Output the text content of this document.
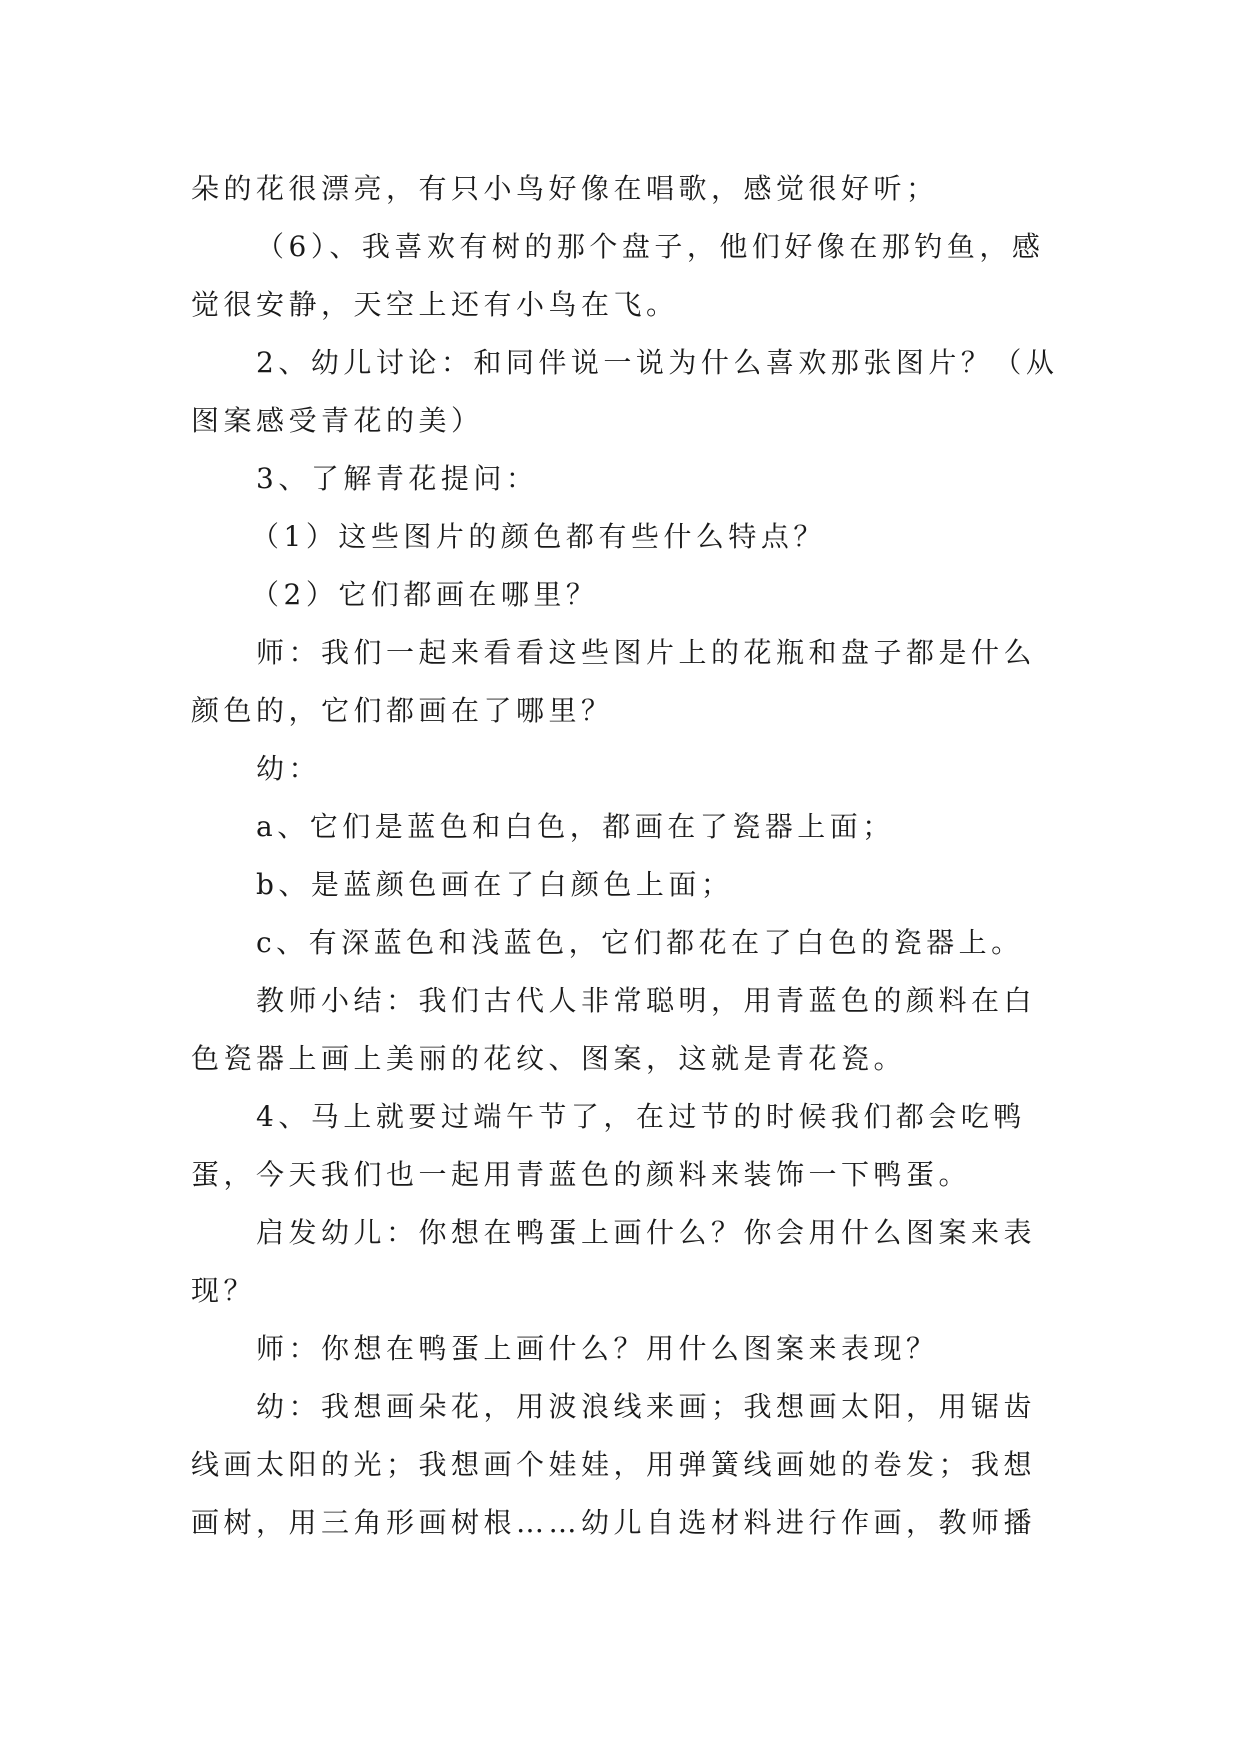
朵的花很漂亮，有只小鸟好像在唱歌，感觉很好听；
（6）、我喜欢有树的那个盘子，他们好像在那钓鱼，感
觉很安静，天空上还有小鸟在飞。
2、幼儿讨论：和同伴说一说为什么喜欢那张图片？（从
图案感受青花的美）
3、了解青花提问：
（1）这些图片的颜色都有些什么特点？
（2）它们都画在哪里？
师：我们一起来看看这些图片上的花瓶和盘子都是什么
颜色的，它们都画在了哪里？
幼：
a、它们是蓝色和白色，都画在了瓷器上面；
b、是蓝颜色画在了白颜色上面；
c、有深蓝色和浅蓝色，它们都花在了白色的瓷器上。
教师小结：我们古代人非常聪明，用青蓝色的颜料在白
色瓷器上画上美丽的花纹、图案，这就是青花瓷。
4、马上就要过端午节了，在过节的时候我们都会吃鸭
蛋，今天我们也一起用青蓝色的颜料来装饰一下鸭蛋。
启发幼儿：你想在鸭蛋上画什么？你会用什么图案来表
现？
师：你想在鸭蛋上画什么？用什么图案来表现？
幼：我想画朵花，用波浪线来画；我想画太阳，用锯齿
线画太阳的光；我想画个娃娃，用弹簧线画她的卷发；我想
画树，用三角形画树根……幼儿自选材料进行作画，教师播
